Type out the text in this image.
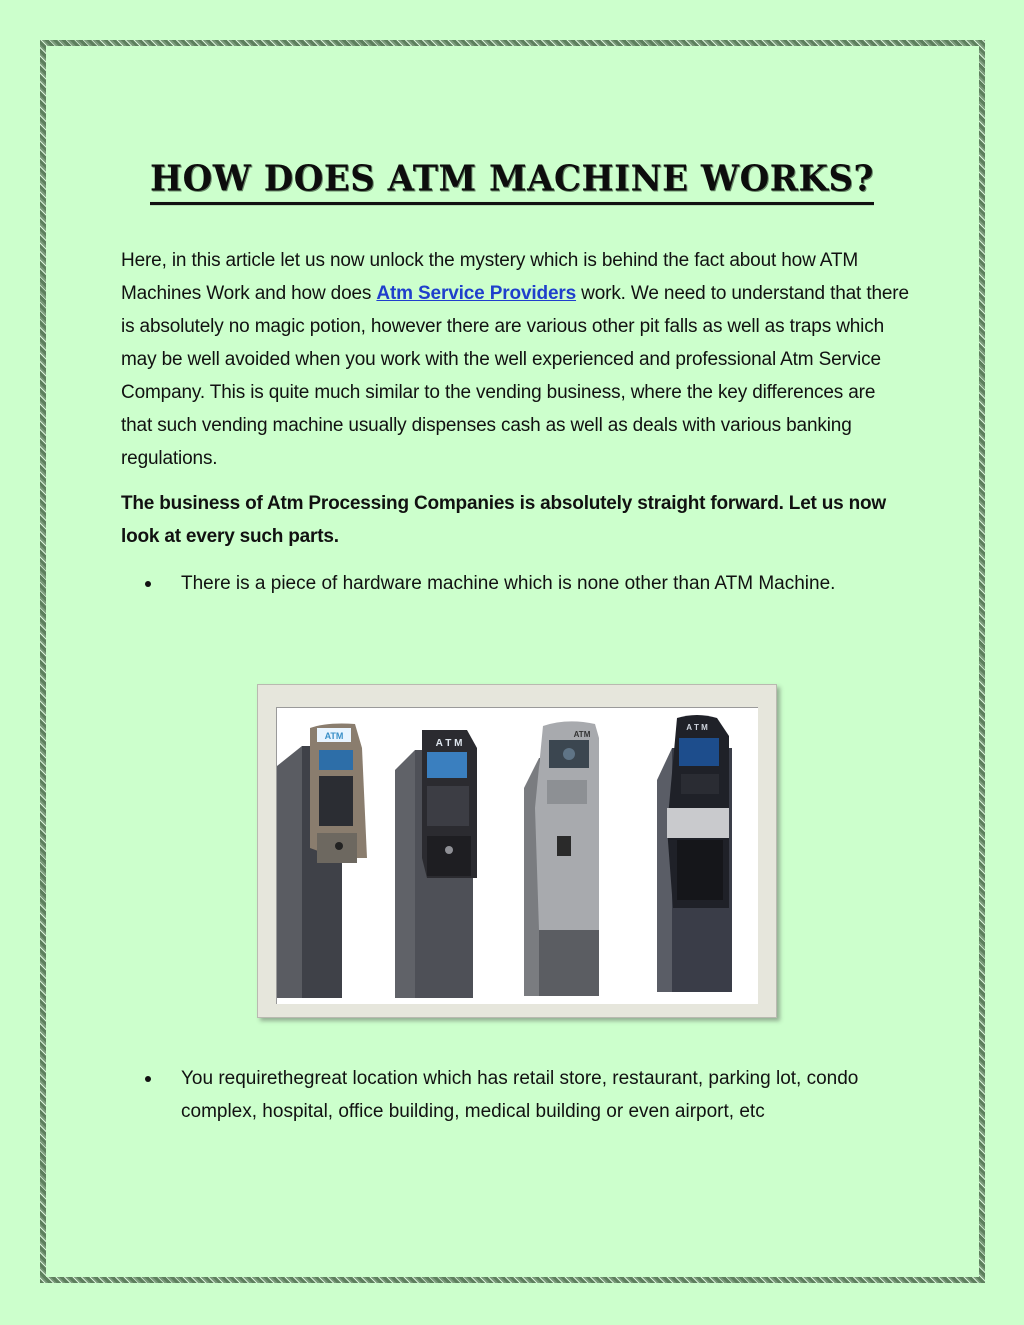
HOW DOES ATM MACHINE WORKS?

Here, in this article let us now unlock the mystery which is behind the fact about how ATM Machines Work and how does Atm Service Providers work. We need to understand that there is absolutely no magic potion, however there are various other pit falls as well as traps which may be well avoided when you work with the well experienced and professional Atm Service Company. This is quite much similar to the vending business, where the key differences are that such vending machine usually dispenses cash as well as deals with various banking regulations.

The business of Atm Processing Companies is absolutely straight forward. Let us now look at every such parts.

There is a piece of hardware machine which is none other than ATM Machine.
ATM
A T M
ATM
A T M
You requirethegreat location which has retail store, restaurant, parking lot, condo complex, hospital, office building, medical building or even airport, etc
